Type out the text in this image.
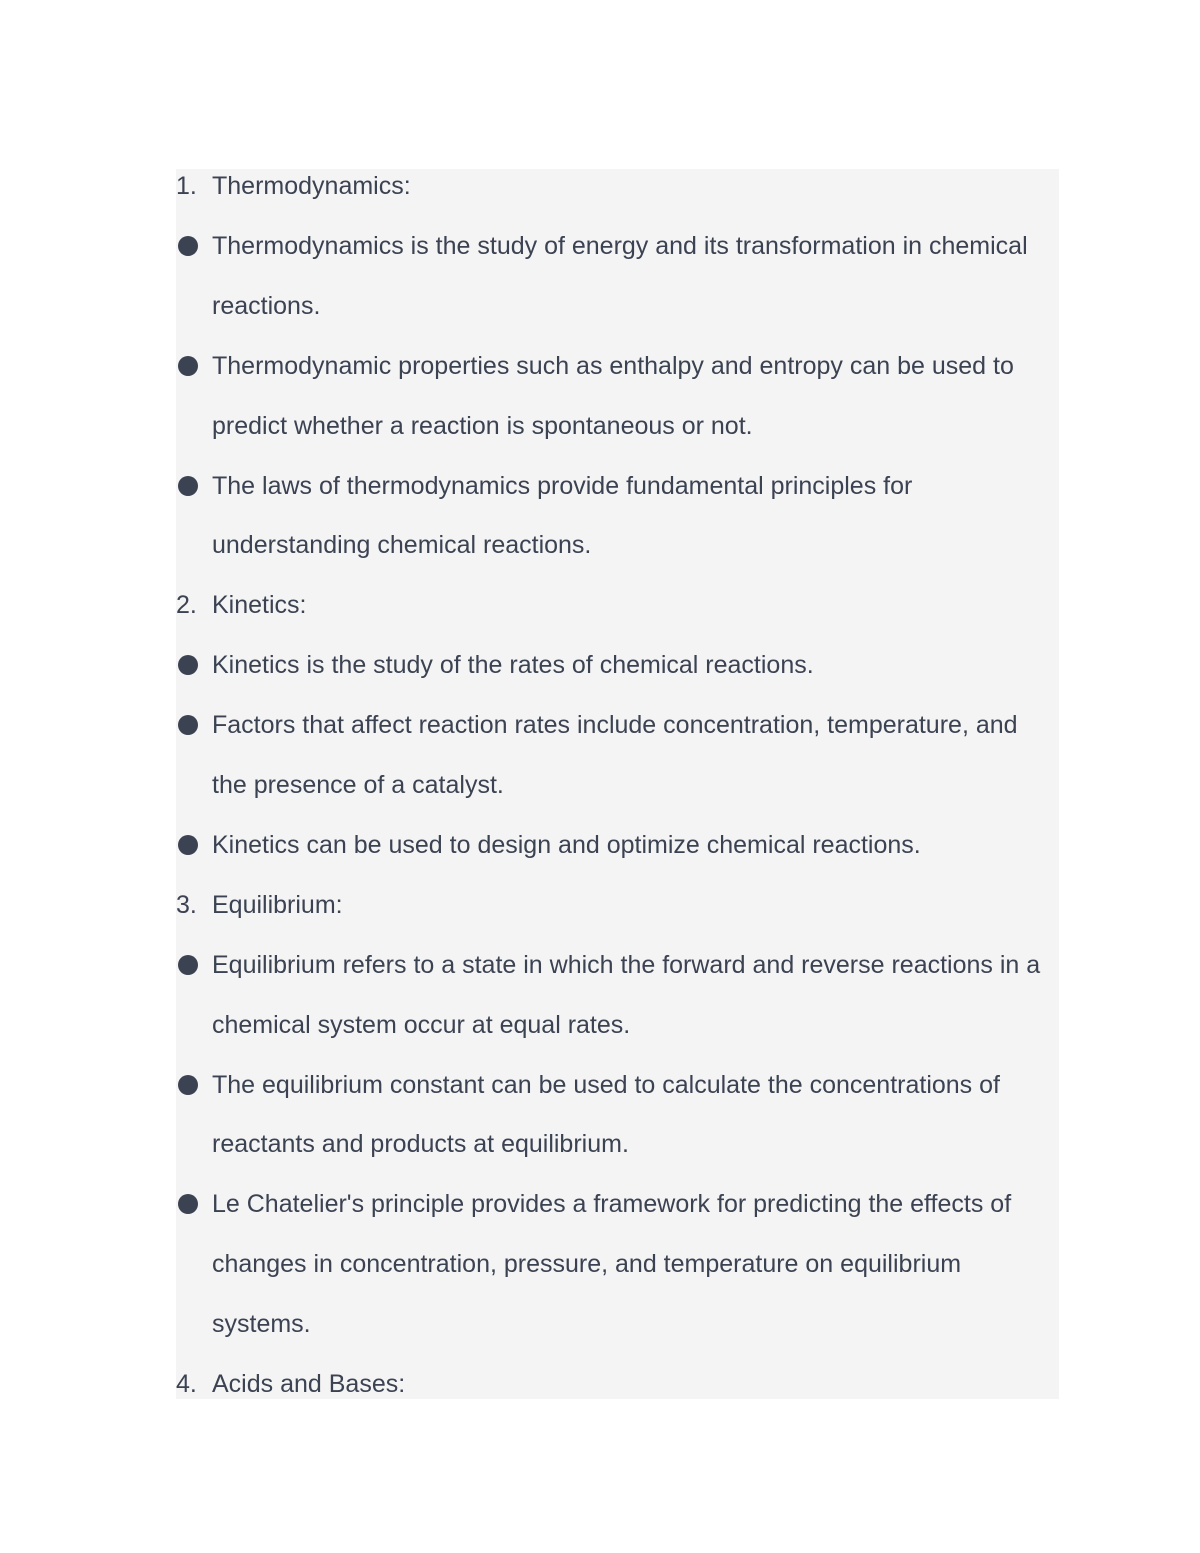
1. Thermodynamics:
Thermodynamics is the study of energy and its transformation in chemical
reactions.
Thermodynamic properties such as enthalpy and entropy can be used to
predict whether a reaction is spontaneous or not.
The laws of thermodynamics provide fundamental principles for
understanding chemical reactions.
2. Kinetics:
Kinetics is the study of the rates of chemical reactions.
Factors that affect reaction rates include concentration, temperature, and
the presence of a catalyst.
Kinetics can be used to design and optimize chemical reactions.
3. Equilibrium:
Equilibrium refers to a state in which the forward and reverse reactions in a
chemical system occur at equal rates.
The equilibrium constant can be used to calculate the concentrations of
reactants and products at equilibrium.
Le Chatelier's principle provides a framework for predicting the effects of
changes in concentration, pressure, and temperature on equilibrium
systems.
4. Acids and Bases:
